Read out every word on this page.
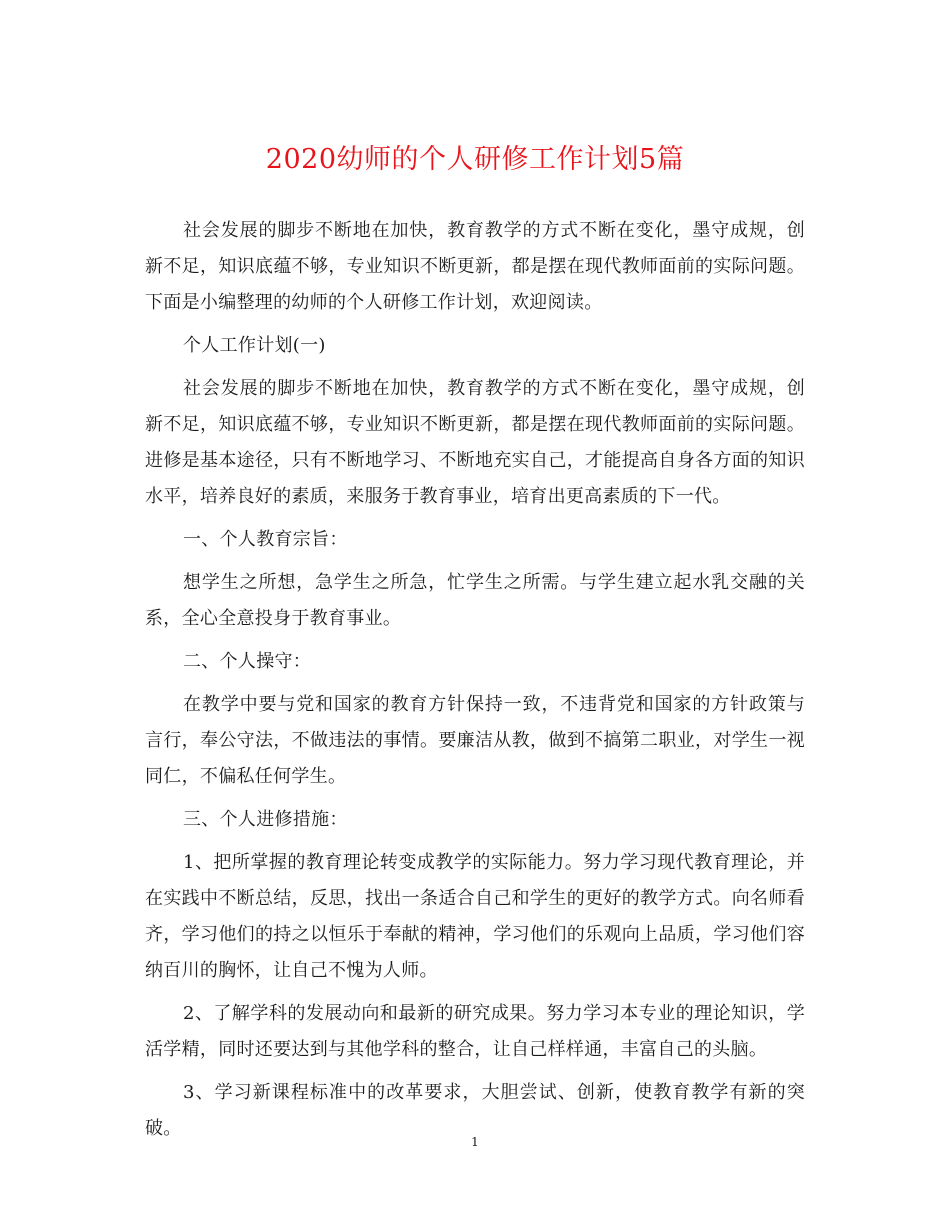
2020幼师的个人研修工作计划5篇

社会发展的脚步不断地在加快，教育教学的方式不断在变化，墨守成规，创新不足，知识底蕴不够，专业知识不断更新，都是摆在现代教师面前的实际问题。下面是小编整理的幼师的个人研修工作计划，欢迎阅读。

个人工作计划(一)

社会发展的脚步不断地在加快，教育教学的方式不断在变化，墨守成规，创新不足，知识底蕴不够，专业知识不断更新，都是摆在现代教师面前的实际问题。进修是基本途径，只有不断地学习、不断地充实自己，才能提高自身各方面的知识水平，培养良好的素质，来服务于教育事业，培育出更高素质的下一代。

一、个人教育宗旨：

想学生之所想，急学生之所急，忙学生之所需。与学生建立起水乳交融的关系，全心全意投身于教育事业。

二、个人操守：

在教学中要与党和国家的教育方针保持一致，不违背党和国家的方针政策与言行，奉公守法，不做违法的事情。要廉洁从教，做到不搞第二职业，对学生一视同仁，不偏私任何学生。

三、个人进修措施：

1、把所掌握的教育理论转变成教学的实际能力。努力学习现代教育理论，并在实践中不断总结，反思，找出一条适合自己和学生的更好的教学方式。向名师看齐，学习他们的持之以恒乐于奉献的精神，学习他们的乐观向上品质，学习他们容纳百川的胸怀，让自己不愧为人师。

2、了解学科的发展动向和最新的研究成果。努力学习本专业的理论知识，学活学精，同时还要达到与其他学科的整合，让自己样样通，丰富自己的头脑。

3、学习新课程标准中的改革要求，大胆尝试、创新，使教育教学有新的突破。

1
